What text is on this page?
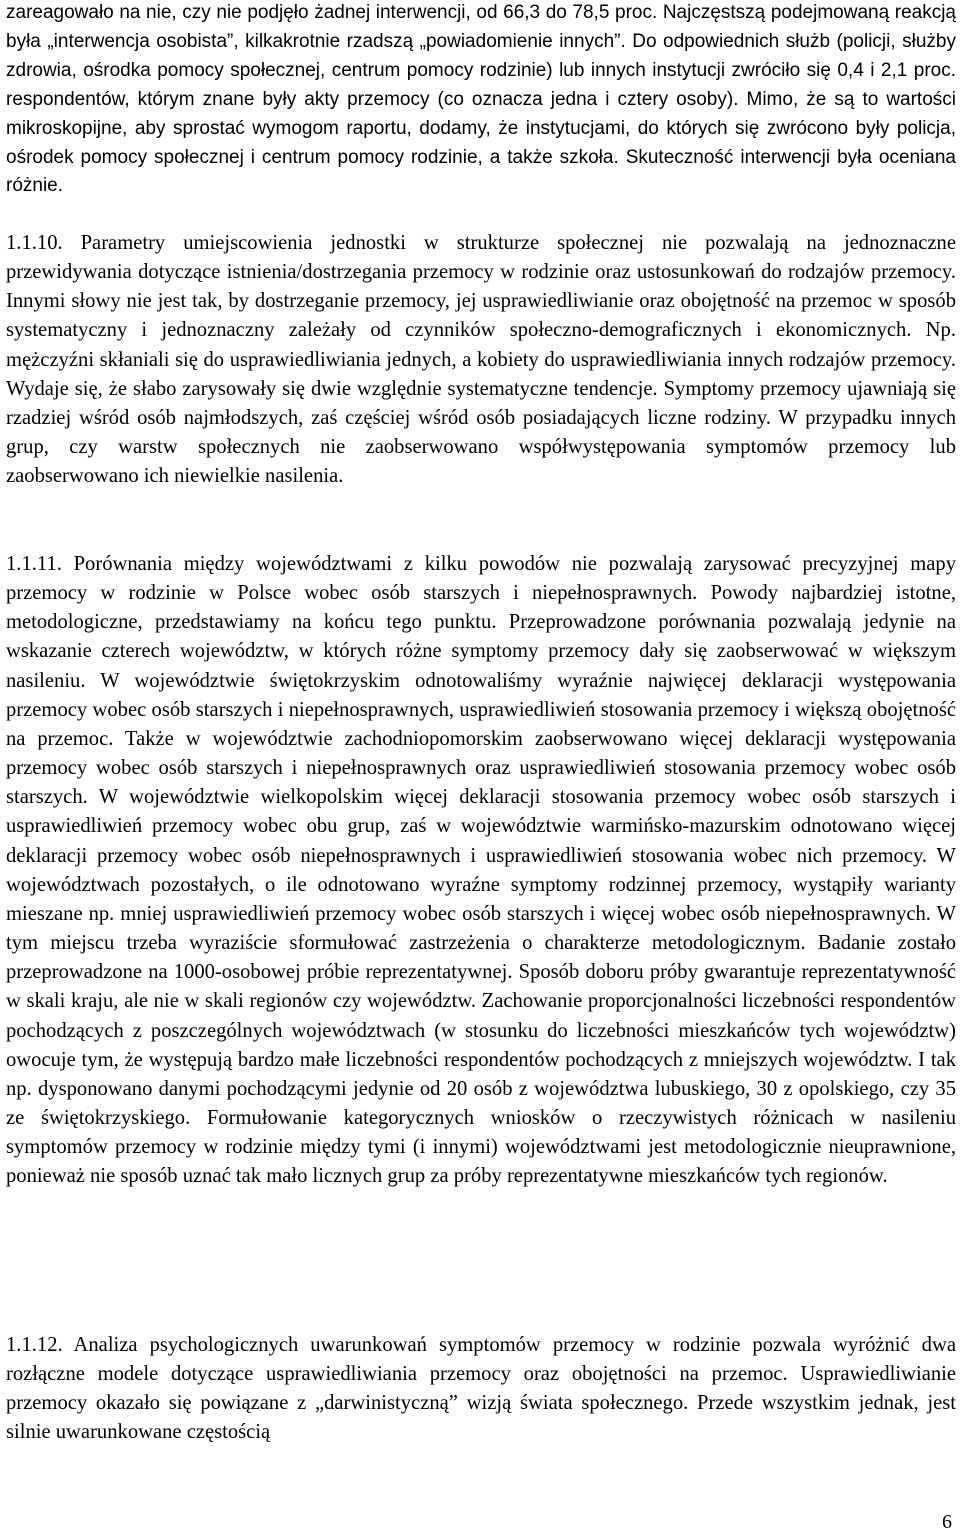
zareagowało na nie, czy nie podjęło żadnej interwencji, od 66,3 do 78,5 proc. Najczęstszą podejmowaną reakcją była „interwencja osobista”, kilkakrotnie rzadszą „powiadomienie innych”. Do odpowiednich służb (policji, służby zdrowia, ośrodka pomocy społecznej, centrum pomocy rodzinie) lub innych instytucji zwróciło się 0,4 i 2,1 proc. respondentów, którym znane były akty przemocy (co oznacza jedna i cztery osoby). Mimo, że są to wartości mikroskopijne, aby sprostać wymogom raportu, dodamy, że instytucjami, do których się zwrócono były policja, ośrodek pomocy społecznej i centrum pomocy rodzinie, a także szkoła. Skuteczność interwencji była oceniana różnie.

1.1.10. Parametry umiejscowienia jednostki w strukturze społecznej nie pozwalają na jednoznaczne przewidywania dotyczące istnienia/dostrzegania przemocy w rodzinie oraz ustosunkowań do rodzajów przemocy. Innymi słowy nie jest tak, by dostrzeganie przemocy, jej usprawiedliwianie oraz obojętność na przemoc w sposób systematyczny i jednoznaczny zależały od czynników społeczno-demograficznych i ekonomicznych. Np. mężczyźni skłaniali się do usprawiedliwiania jednych, a kobiety do usprawiedliwiania innych rodzajów przemocy. Wydaje się, że słabo zarysowały się dwie względnie systematyczne tendencje. Symptomy przemocy ujawniają się rzadziej wśród osób najmłodszych, zaś częściej wśród osób posiadających liczne rodziny. W przypadku innych grup, czy warstw społecznych nie zaobserwowano współwystępowania symptomów przemocy lub zaobserwowano ich niewielkie nasilenia.

1.1.11. Porównania między województwami z kilku powodów nie pozwalają zarysować precyzyjnej mapy przemocy w rodzinie w Polsce wobec osób starszych i niepełnosprawnych. Powody najbardziej istotne, metodologiczne, przedstawiamy na końcu tego punktu. Przeprowadzone porównania pozwalają jedynie na wskazanie czterech województw, w których różne symptomy przemocy dały się zaobserwować w większym nasileniu. W województwie świętokrzyskim odnotowaliśmy wyraźnie najwięcej deklaracji występowania przemocy wobec osób starszych i niepełnosprawnych, usprawiedliwień stosowania przemocy i większą obojętność na przemoc. Także w województwie zachodniopomorskim zaobserwowano więcej deklaracji występowania przemocy wobec osób starszych i niepełnosprawnych oraz usprawiedliwień stosowania przemocy wobec osób starszych. W województwie wielkopolskim więcej deklaracji stosowania przemocy wobec osób starszych i usprawiedliwień przemocy wobec obu grup, zaś w województwie warmińsko-mazurskim odnotowano więcej deklaracji przemocy wobec osób niepełnosprawnych i usprawiedliwień stosowania wobec nich przemocy. W województwach pozostałych, o ile odnotowano wyraźne symptomy rodzinnej przemocy, wystąpiły warianty mieszane np. mniej usprawiedliwień przemocy wobec osób starszych i więcej wobec osób niepełnosprawnych. W tym miejscu trzeba wyraziście sformułować zastrzeżenia o charakterze metodologicznym. Badanie zostało przeprowadzone na 1000-osobowej próbie reprezentatywnej. Sposób doboru próby gwarantuje reprezentatywność w skali kraju, ale nie w skali regionów czy województw. Zachowanie proporcjonalności liczebności respondentów pochodzących z poszczególnych województwach (w stosunku do liczebności mieszkańców tych województw) owocuje tym, że występują bardzo małe liczebności respondentów pochodzących z mniejszych województw. I tak np. dysponowano danymi pochodzącymi jedynie od 20 osób z województwa lubuskiego, 30 z opolskiego, czy 35 ze świętokrzyskiego. Formułowanie kategorycznych wniosków o rzeczywistych różnicach w nasileniu symptomów przemocy w rodzinie między tymi (i innymi) województwami jest metodologicznie nieuprawnione, ponieważ nie sposób uznać tak mało licznych grup za próby reprezentatywne mieszkańców tych regionów.

1.1.12. Analiza psychologicznych uwarunkowań symptomów przemocy w rodzinie pozwala wyróżnić dwa rozłączne modele dotyczące usprawiedliwiania przemocy oraz obojętności na przemoc. Usprawiedliwianie przemocy okazało się powiązane z „darwinistyczną” wizją świata społecznego. Przede wszystkim jednak, jest silnie uwarunkowane częstością

6
